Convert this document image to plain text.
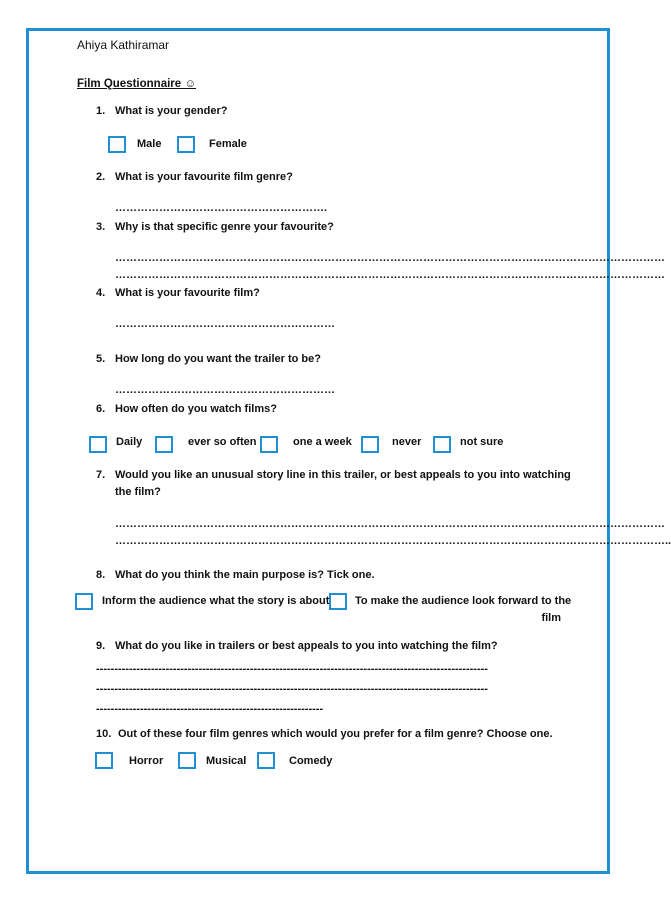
Ahiya Kathiramar
Film Questionnaire ☺
1. What is your gender?
Male	Female
2. What is your favourite film genre?
………………………………………………….
3. Why is that specific genre your favourite?
……………………………………………………………………………………………………………………………………
……………………………………………………………………………………………………………………………………
4. What is your favourite film?
……………………………………………………
5. How long do you want the trailer to be?
……………………………………………………
6. How often do you watch films?
Daily	ever so often	one a week	never	not sure
7. Would you like an unusual story line in this trailer, or best appeals to you into watching
the film?
……………………………………………………………………………………………………………………………………
……………………………………………………………………………………………………………………………………..
8. What do you think the main purpose is? Tick one.
Inform the audience what the story is about To make the audience look forward to the
film
9. What do you like in trailers or best appeals to you into watching the film?
-----------------------------------------------------------------------------------------------------------
-----------------------------------------------------------------------------------------------------------
--------------------------------------------------------------
10. Out of these four film genres which would you prefer for a film genre? Choose one.
Horror	Musical	Comedy
